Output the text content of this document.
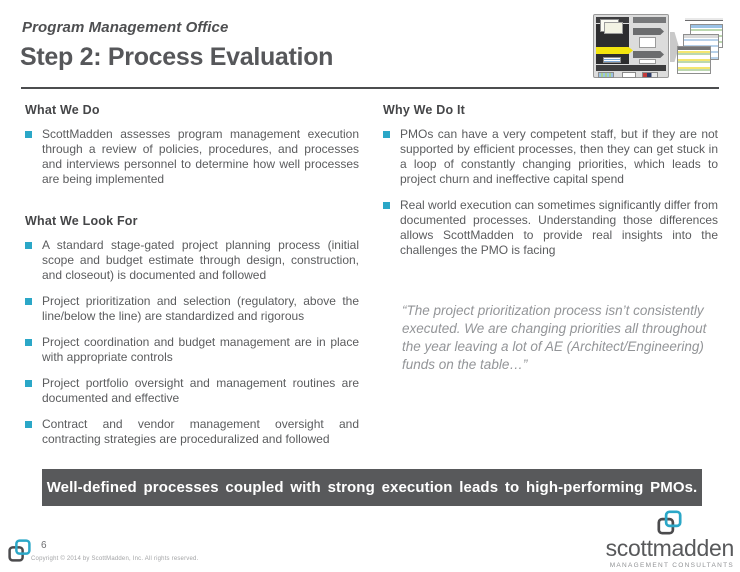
Program Management Office
Step 2: Process Evaluation
What We Do
ScottMadden assesses program management execution through a review of policies, procedures, and processes and interviews personnel to determine how well processes are being implemented
What We Look For
A standard stage-gated project planning process (initial scope and budget estimate through design, construction, and closeout) is documented and followed
Project prioritization and selection (regulatory, above the line/below the line) are standardized and rigorous
Project coordination and budget management are in place with appropriate controls
Project portfolio oversight and management routines are documented and effective
Contract and vendor management oversight and contracting strategies are proceduralized and followed
Why We Do It
PMOs can have a very competent staff, but if they are not supported by efficient processes, then they can get stuck in a loop of constantly changing priorities, which leads to project churn and ineffective capital spend
Real world execution can sometimes significantly differ from documented processes. Understanding those differences allows ScottMadden to provide real insights into the challenges the PMO is facing
“The project prioritization process isn’t consistently executed. We are changing priorities all throughout the year leaving a lot of AE (Architect/Engineering) funds on the table…”
Well-defined processes coupled with strong execution leads to high-performing PMOs.
6
Copyright © 2014 by ScottMadden, Inc. All rights reserved.	scottmadden
MANAGEMENT CONSULTANTS
